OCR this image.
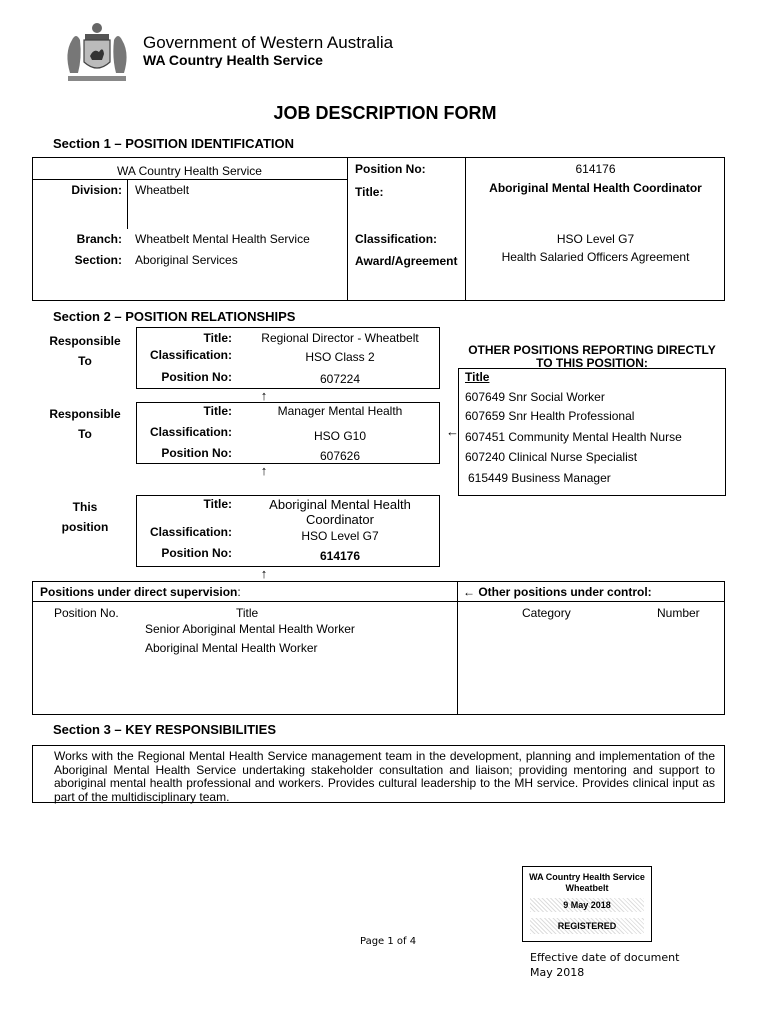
Government of Western Australia
WA Country Health Service
JOB DESCRIPTION FORM
Section 1 – POSITION IDENTIFICATION
WA Country Health Service	Position No:	614176
Division: Wheatbelt	Title:	Aboriginal Mental Health Coordinator
Branch: Wheatbelt Mental Health Service	Classification:	HSO Level G7
Section: Aboriginal Services	Award/Agreement	Health Salaried Officers Agreement
Section 2 – POSITION RELATIONSHIPS
Responsible
To
Title:	Regional Director - Wheatbelt
Classification:	HSO Class 2
Position No:	607224
↑
Responsible
To
Title:	Manager Mental Health
Classification:	HSO G10
Position No:	607626
↑
←
This
position
Title:	Aboriginal Mental Health Coordinator
Classification:	HSO Level G7
Position No:	614176
↑
OTHER POSITIONS REPORTING DIRECTLY
TO THIS POSITION:
Title
607649 Snr Social Worker
607659 Snr Health Professional
607451 Community Mental Health Nurse
607240 Clinical Nurse Specialist
615449 Business Manager
Positions under direct supervision:
Position No.	Title
Senior Aboriginal Mental Health Worker
Aboriginal Mental Health Worker
← Other positions under control:
Category	Number
Section 3 – KEY RESPONSIBILITIES
Works with the Regional Mental Health Service management team in the development, planning and implementation of the Aboriginal Mental Health Service undertaking stakeholder consultation and liaison; providing mentoring and support to aboriginal mental health professional and workers. Provides cultural leadership to the MH service. Provides clinical input as part of the multidisciplinary team.
WA Country Health Service
Wheatbelt
9 May 2018
REGISTERED
Page 1 of 4
Effective date of document
May 2018
